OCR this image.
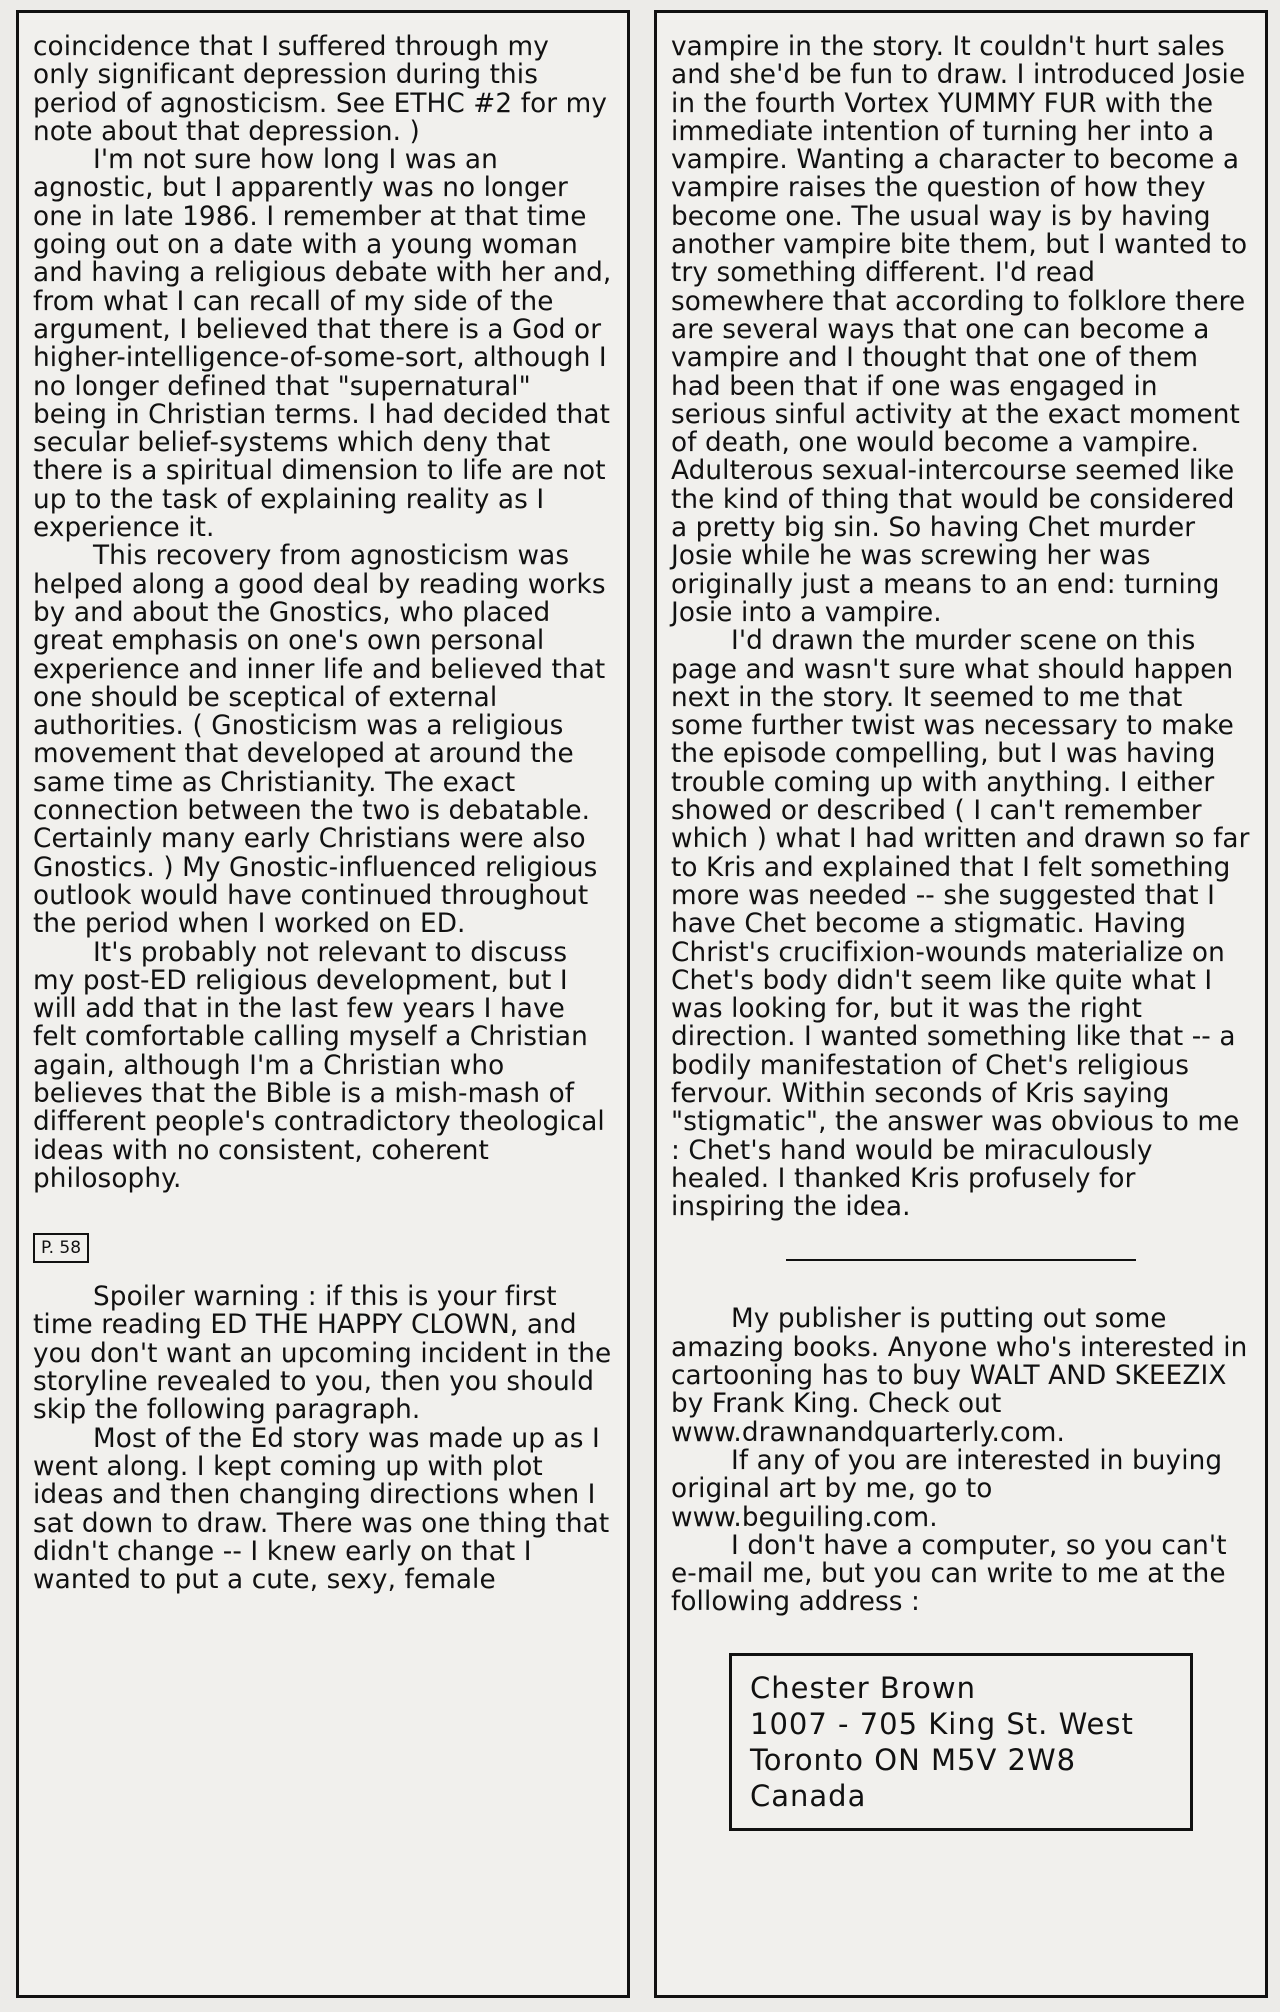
coincidence that I suffered through my only significant depression during this period of agnosticism. See ETHC #2 for my note about that depression. )

I'm not sure how long I was an agnostic, but I apparently was no longer one in late 1986. I remember at that time going out on a date with a young woman and having a religious debate with her and, from what I can recall of my side of the argument, I believed that there is a God or higher-intelligence-of-some-sort, although I no longer defined that "supernatural" being in Christian terms. I had decided that secular belief-systems which deny that there is a spiritual dimension to life are not up to the task of explaining reality as I experience it.

This recovery from agnosticism was helped along a good deal by reading works by and about the Gnostics, who placed great emphasis on one's own personal experience and inner life and believed that one should be sceptical of external authorities. ( Gnosticism was a religious movement that developed at around the same time as Christianity. The exact connection between the two is debatable. Certainly many early Christians were also Gnostics. ) My Gnostic-influenced religious outlook would have continued throughout the period when I worked on ED.

It's probably not relevant to discuss my post-ED religious development, but I will add that in the last few years I have felt comfortable calling myself a Christian again, although I'm a Christian who believes that the Bible is a mish-mash of different people's contradictory theological ideas with no consistent, coherent philosophy.

P. 58

Spoiler warning : if this is your first time reading ED THE HAPPY CLOWN, and you don't want an upcoming incident in the storyline revealed to you, then you should skip the following paragraph.

Most of the Ed story was made up as I went along. I kept coming up with plot ideas and then changing directions when I sat down to draw. There was one thing that didn't change -- I knew early on that I wanted to put a cute, sexy, female

vampire in the story. It couldn't hurt sales and she'd be fun to draw. I introduced Josie in the fourth Vortex YUMMY FUR with the immediate intention of turning her into a vampire. Wanting a character to become a vampire raises the question of how they become one. The usual way is by having another vampire bite them, but I wanted to try something different. I'd read somewhere that according to folklore there are several ways that one can become a vampire and I thought that one of them had been that if one was engaged in serious sinful activity at the exact moment of death, one would become a vampire. Adulterous sexual-intercourse seemed like the kind of thing that would be considered a pretty big sin. So having Chet murder Josie while he was screwing her was originally just a means to an end: turning Josie into a vampire.

I'd drawn the murder scene on this page and wasn't sure what should happen next in the story. It seemed to me that some further twist was necessary to make the episode compelling, but I was having trouble coming up with anything. I either showed or described ( I can't remember which ) what I had written and drawn so far to Kris and explained that I felt something more was needed -- she suggested that I have Chet become a stigmatic. Having Christ's crucifixion-wounds materialize on Chet's body didn't seem like quite what I was looking for, but it was the right direction. I wanted something like that -- a bodily manifestation of Chet's religious fervour. Within seconds of Kris saying "stigmatic", the answer was obvious to me : Chet's hand would be miraculously healed. I thanked Kris profusely for inspiring the idea.

My publisher is putting out some amazing books. Anyone who's interested in cartooning has to buy WALT AND SKEEZIX by Frank King. Check out www.drawnandquarterly.com.

If any of you are interested in buying original art by me, go to www.beguiling.com.

I don't have a computer, so you can't e-mail me, but you can write to me at the following address :

Chester Brown
1007 - 705 King St. West
Toronto ON M5V 2W8
Canada
